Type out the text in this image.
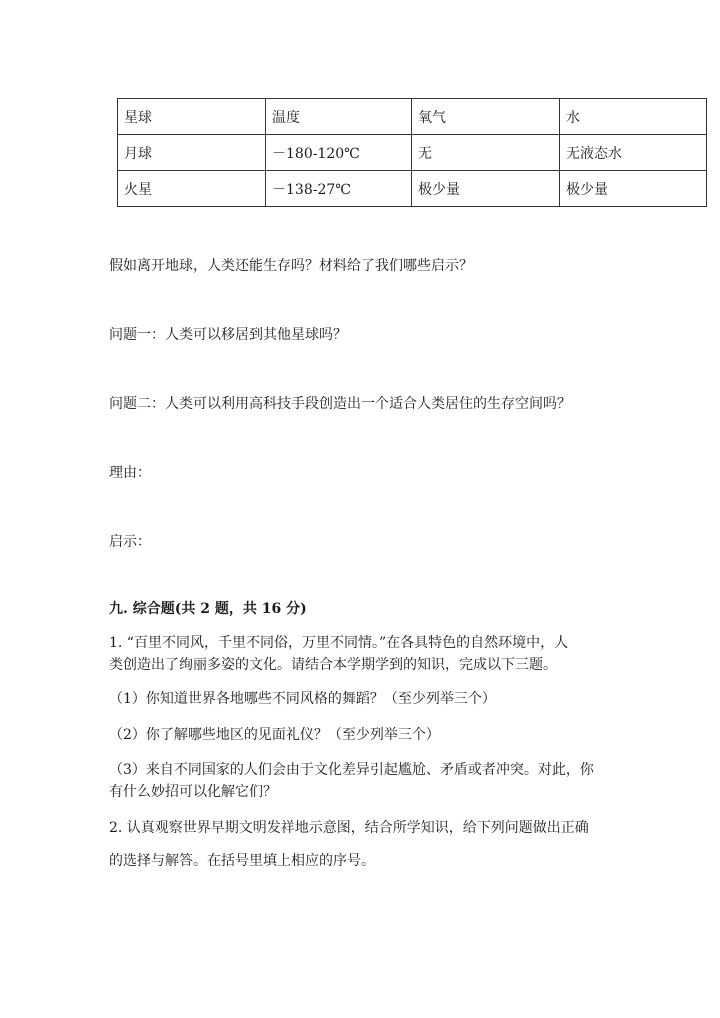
星球	温度	氧气	水
月球	－180-120℃	无	无液态水
火星	－138-27℃	极少量	极少量
假如离开地球，人类还能生存吗？材料给了我们哪些启示？
问题一：人类可以移居到其他星球吗？
问题二：人类可以利用高科技手段创造出一个适合人类居住的生存空间吗？
理由：
启示：
九. 综合题(共 2 题，共 16 分)
1. “百里不同风，千里不同俗，万里不同情。”在各具特色的自然环境中，人
类创造出了绚丽多姿的文化。请结合本学期学到的知识，完成以下三题。
（1）你知道世界各地哪些不同风格的舞蹈？（至少列举三个）
（2）你了解哪些地区的见面礼仪？（至少列举三个）
（3）来自不同国家的人们会由于文化差异引起尴尬、矛盾或者冲突。对此，你
有什么妙招可以化解它们？
2. 认真观察世界早期文明发祥地示意图，结合所学知识，给下列问题做出正确
的选择与解答。在括号里填上相应的序号。
